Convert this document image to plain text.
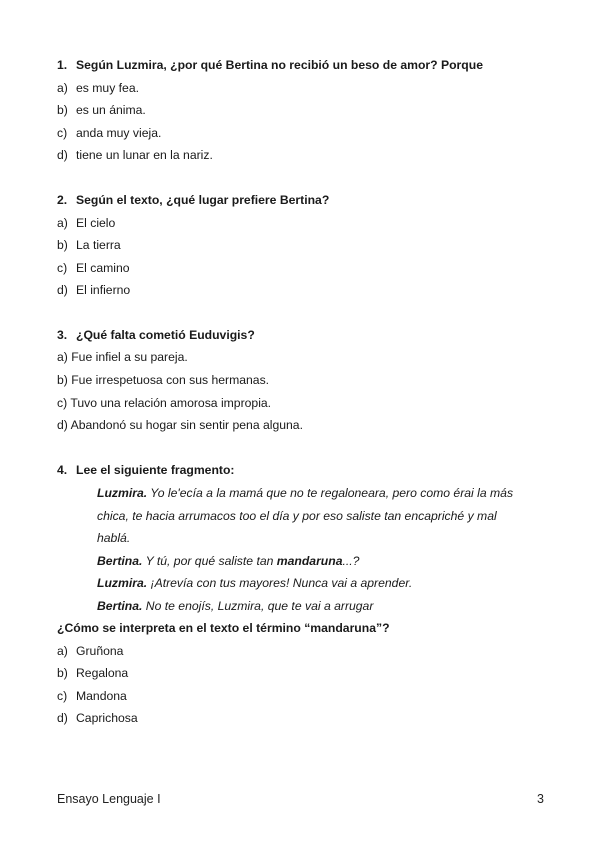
1. Según Luzmira, ¿por qué Bertina no recibió un beso de amor? Porque
a) es muy fea.
b) es un ánima.
c) anda muy vieja.
d) tiene un lunar en la nariz.
2. Según el texto, ¿qué lugar prefiere Bertina?
a) El cielo
b) La tierra
c) El camino
d) El infierno
3. ¿Qué falta cometió Euduvigis?
a) Fue infiel a su pareja.
b) Fue irrespetuosa con sus hermanas.
c) Tuvo una relación amorosa impropia.
d) Abandonó su hogar sin sentir pena alguna.
4. Lee el siguiente fragmento:
Luzmira. Yo le'ecía a la mamá que no te regaloneara, pero como érai la más
chica, te hacia arrumacos too el día y por eso saliste tan encapriché y mal
hablá.
Bertina. Y tú, por qué saliste tan mandaruna...?
Luzmira. ¡Atrevía con tus mayores! Nunca vai a aprender.
Bertina. No te enojís, Luzmira, que te vai a arrugar
¿Cómo se interpreta en el texto el término “mandaruna”?
a) Gruñona
b) Regalona
c) Mandona
d) Caprichosa
Ensayo Lenguaje I	3
